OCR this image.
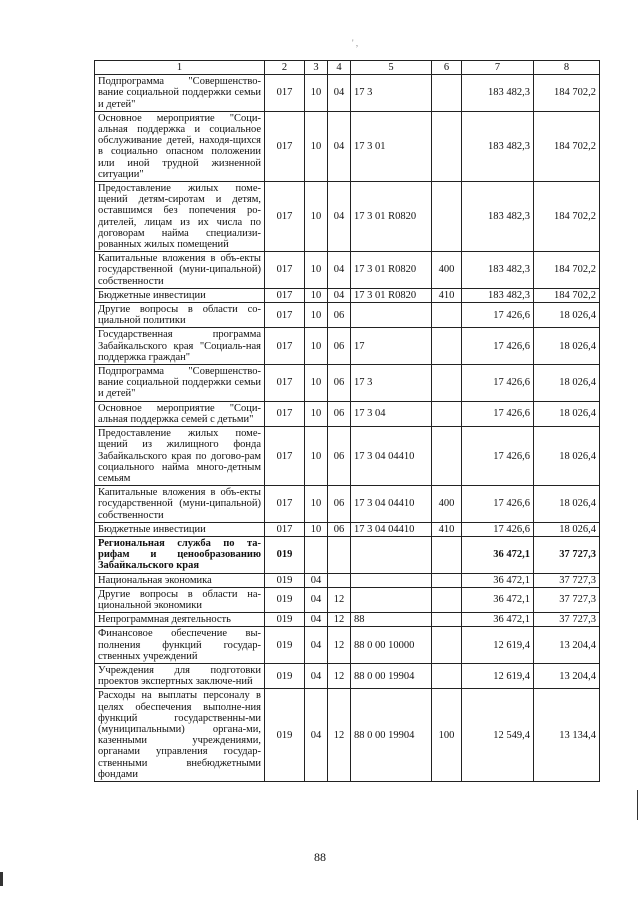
' ,
1	2	3	4	5	6	7	8
Подпрограмма "Совершенство-вание социальной поддержки семьи и детей"	017	10	04	17 3		183 482,3	184 702,2
Основное мероприятие "Соци-альная поддержка и социальное обслуживание детей, находя-щихся в социально опасном положении или иной трудной жизненной ситуации"	017	10	04	17 3 01		183 482,3	184 702,2
Предоставление жилых поме-щений детям-сиротам и детям, оставшимся без попечения ро-дителей, лицам из их числа по договорам найма специализи-рованных жилых помещений	017	10	04	17 3 01 R0820		183 482,3	184 702,2
Капитальные вложения в объ-екты государственной (муни-ципальной) собственности	017	10	04	17 3 01 R0820	400	183 482,3	184 702,2
Бюджетные инвестиции	017	10	04	17 3 01 R0820	410	183 482,3	184 702,2
Другие вопросы в области со-циальной политики	017	10	06			17 426,6	18 026,4
Государственная программа Забайкальского края "Социаль-ная поддержка граждан"	017	10	06	17		17 426,6	18 026,4
Подпрограмма "Совершенство-вание социальной поддержки семьи и детей"	017	10	06	17 3		17 426,6	18 026,4
Основное мероприятие "Соци-альная поддержка семей с детьми"	017	10	06	17 3 04		17 426,6	18 026,4
Предоставление жилых поме-щений из жилищного фонда Забайкальского края по догово-рам социального найма много-детным семьям	017	10	06	17 3 04 04410		17 426,6	18 026,4
Капитальные вложения в объ-екты государственной (муни-ципальной) собственности	017	10	06	17 3 04 04410	400	17 426,6	18 026,4
Бюджетные инвестиции	017	10	06	17 3 04 04410	410	17 426,6	18 026,4
Региональная служба по та-рифам и ценообразованию Забайкальского края	019					36 472,1	37 727,3
Национальная экономика	019	04				36 472,1	37 727,3
Другие вопросы в области на-циональной экономики	019	04	12			36 472,1	37 727,3
Непрограммная деятельность	019	04	12	88		36 472,1	37 727,3
Финансовое обеспечение вы-полнения функций государ-ственных учреждений	019	04	12	88 0 00 10000		12 619,4	13 204,4
Учреждения для подготовки проектов экспертных заключе-ний	019	04	12	88 0 00 19904		12 619,4	13 204,4
Расходы на выплаты персоналу в целях обеспечения выполне-ния функций государственны-ми (муниципальными) органа-ми, казенными учреждениями, органами управления государ-ственными внебюджетными фондами	019	04	12	88 0 00 19904	100	12 549,4	13 134,4
88
